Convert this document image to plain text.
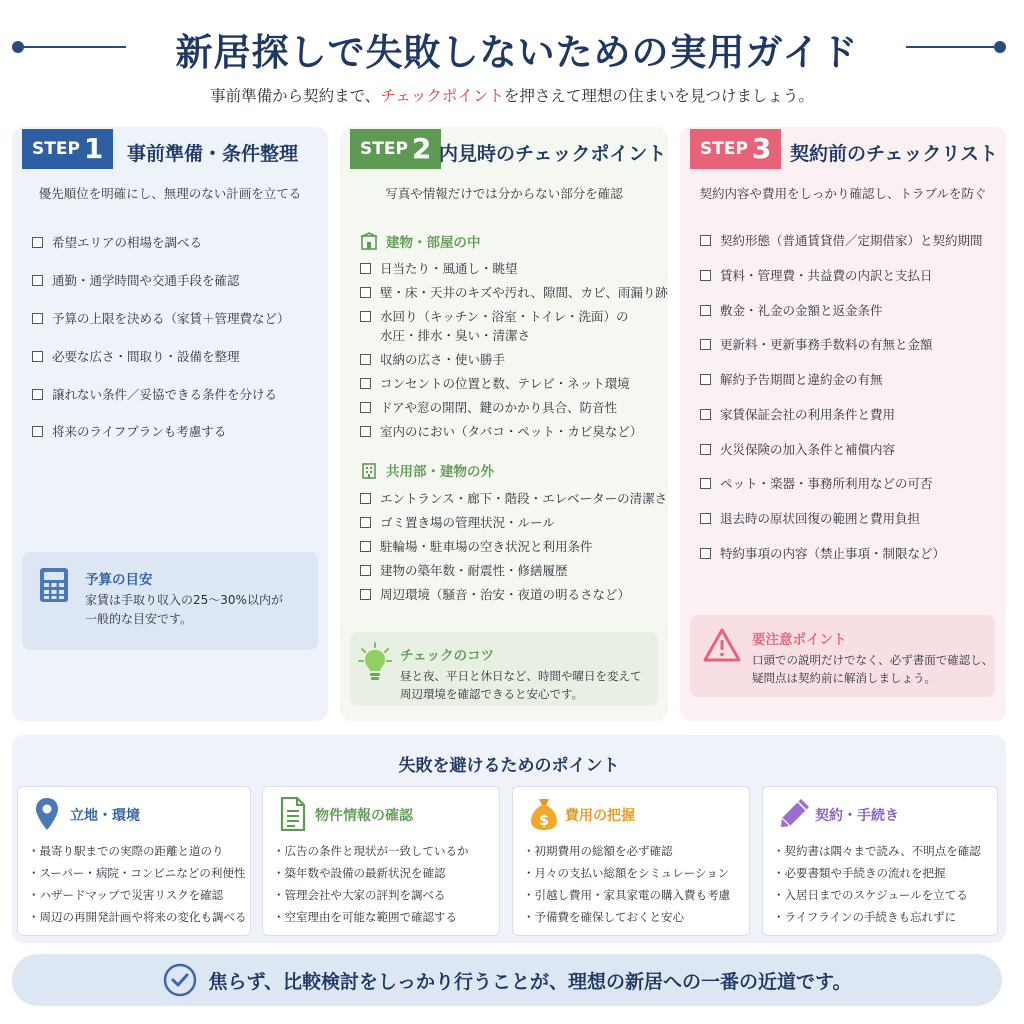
新居探しで失敗しないための実用ガイド

事前準備から契約まで、チェックポイントを押さえて理想の住まいを見つけましょう。

STEP 1 事前準備・条件整理

優先順位を明確にし、無理のない計画を立てる

希望エリアの相場を調べる
通勤・通学時間や交通手段を確認
予算の上限を決める（家賃＋管理費など）
必要な広さ・間取り・設備を整理
譲れない条件／妥協できる条件を分ける
将来のライフプランも考慮する
予算の目安
家賃は手取り収入の25〜30%以内が
一般的な目安です。
STEP 2 内見時のチェックポイント

写真や情報だけでは分からない部分を確認

建物・部屋の中
日当たり・風通し・眺望
壁・床・天井のキズや汚れ、隙間、カビ、雨漏り跡
水回り（キッチン・浴室・トイレ・洗面）の
水圧・排水・臭い・清潔さ
収納の広さ・使い勝手
コンセントの位置と数、テレビ・ネット環境
ドアや窓の開閉、鍵のかかり具合、防音性
室内のにおい（タバコ・ペット・カビ臭など）
共用部・建物の外
エントランス・廊下・階段・エレベーターの清潔さ
ゴミ置き場の管理状況・ルール
駐輪場・駐車場の空き状況と利用条件
建物の築年数・耐震性・修繕履歴
周辺環境（騒音・治安・夜道の明るさなど）
チェックのコツ
昼と夜、平日と休日など、時間や曜日を変えて
周辺環境を確認できると安心です。
STEP 3 契約前のチェックリスト

契約内容や費用をしっかり確認し、トラブルを防ぐ

契約形態（普通賃貸借／定期借家）と契約期間
賃料・管理費・共益費の内訳と支払日
敷金・礼金の金額と返金条件
更新料・更新事務手数料の有無と金額
解約予告期間と違約金の有無
家賃保証会社の利用条件と費用
火災保険の加入条件と補償内容
ペット・楽器・事務所利用などの可否
退去時の原状回復の範囲と費用負担
特約事項の内容（禁止事項・制限など）
要注意ポイント
口頭での説明だけでなく、必ず書面で確認し、
疑問点は契約前に解消しましょう。
失敗を避けるためのポイント
立地・環境
・ 最寄り駅までの実際の距離と道のり
・ スーパー・病院・コンビニなどの利便性
・ ハザードマップで災害リスクを確認
・ 周辺の再開発計画や将来の変化も調べる
物件情報の確認
・ 広告の条件と現状が一致しているか
・ 築年数や設備の最新状況を確認
・ 管理会社や大家の評判を調べる
・ 空室理由を可能な範囲で確認する
$ 費用の把握
・ 初期費用の総額を必ず確認
・ 月々の支払い総額をシミュレーション
・ 引越し費用・家具家電の購入費も考慮
・ 予備費を確保しておくと安心
契約・手続き
・ 契約書は隅々まで読み、不明点を確認
・ 必要書類や手続きの流れを把握
・ 入居日までのスケジュールを立てる
・ ライフラインの手続きも忘れずに
焦らず、比較検討をしっかり行うことが、理想の新居への一番の近道です。
